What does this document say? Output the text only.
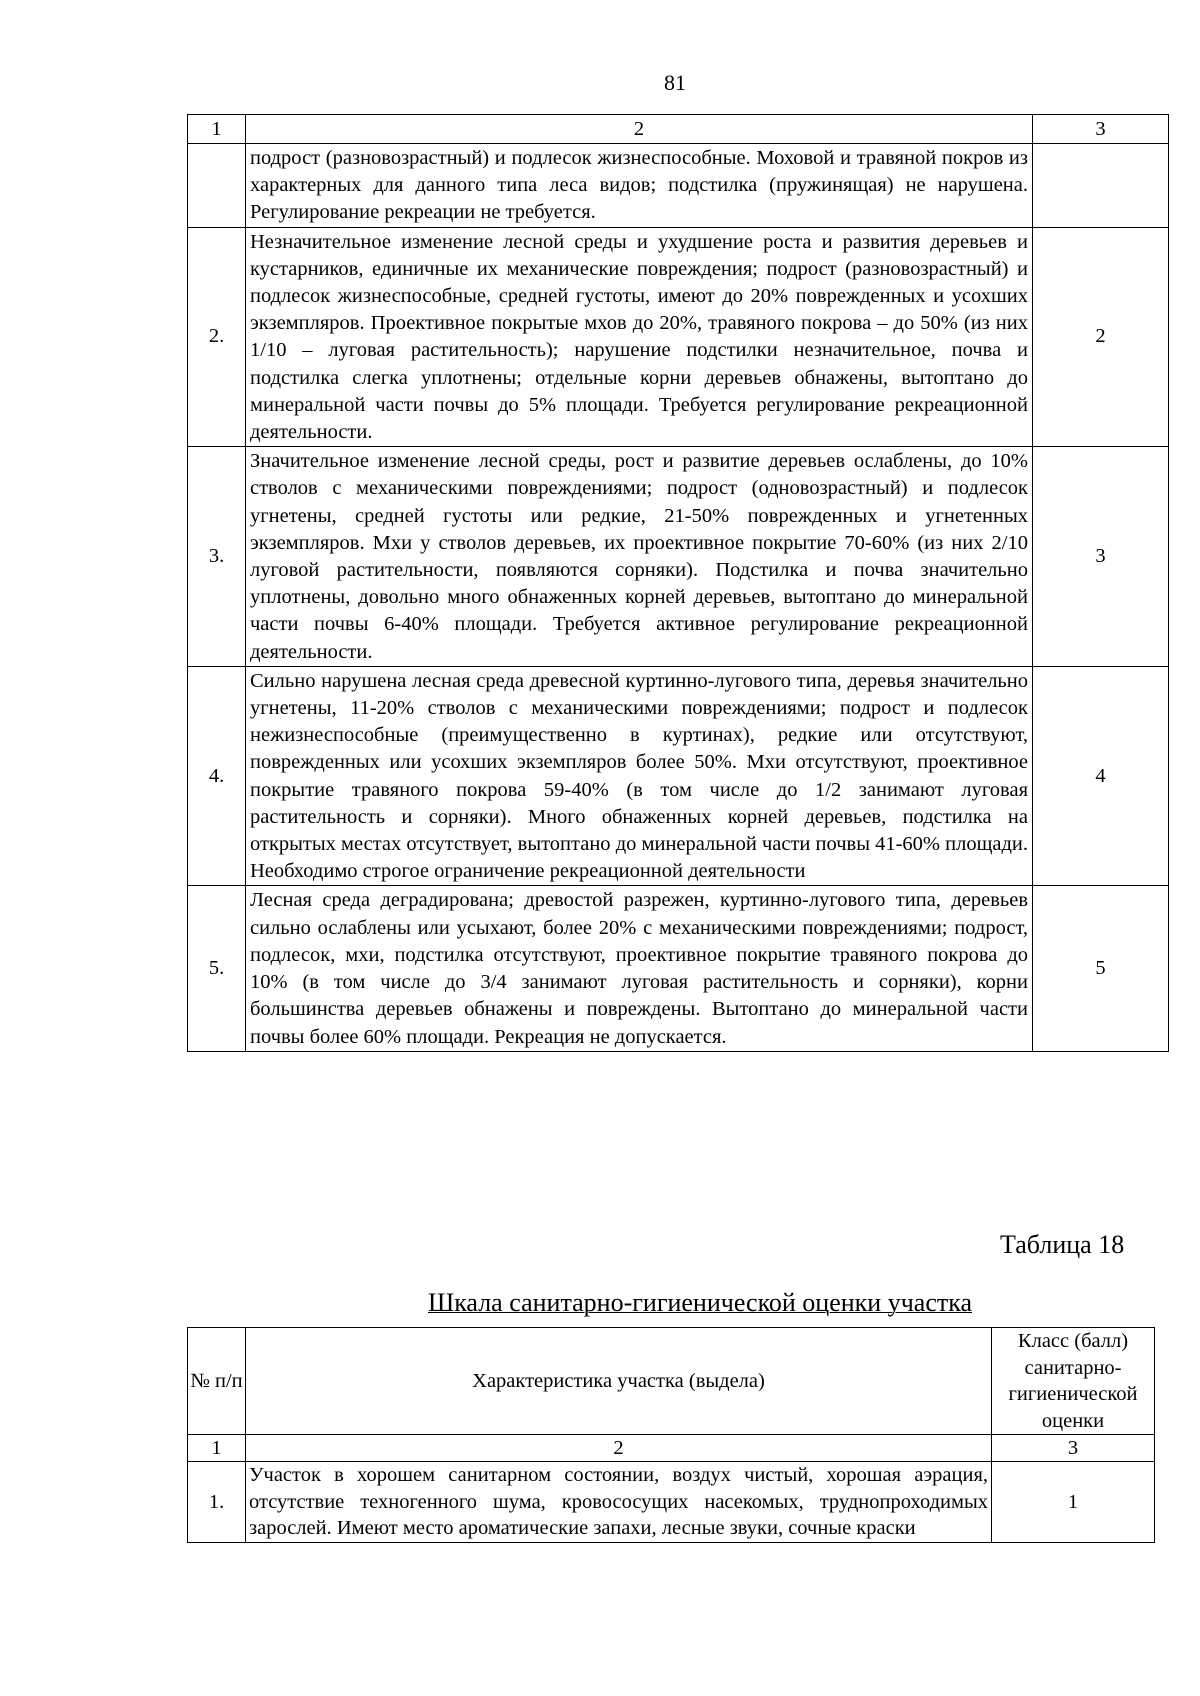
81
1	2	3
	подрост (разновозрастный) и подлесок жизнеспособные. Моховой и травяной покров из характерных для данного типа леса видов; подстилка (пружинящая) не нарушена. Регулирование рекреации не требуется.	
2.	Незначительное изменение лесной среды и ухудшение роста и развития деревьев и кустарников, единичные их механические повреждения; подрост (разновозрастный) и подлесок жизнеспособные, средней густоты, имеют до 20% поврежденных и усохших экземпляров. Проективное покрытые мхов до 20%, травяного покрова – до 50% (из них 1/10 – луговая растительность); нарушение подстилки незначительное, почва и подстилка слегка уплотнены; отдельные корни деревьев обнажены, вытоптано до минеральной части почвы до 5% площади. Требуется регулирование рекреационной деятельности.	2
3.	Значительное изменение лесной среды, рост и развитие деревьев ослаблены, до 10% стволов с механическими повреждениями; подрост (одновозрастный) и подлесок угнетены, средней густоты или редкие, 21-50% поврежденных и угнетенных экземпляров. Мхи у стволов деревьев, их проективное покрытие 70-60% (из них 2/10 луговой растительности, появляются сорняки). Подстилка и почва значительно уплотнены, довольно много обнаженных корней деревьев, вытоптано до минеральной части почвы 6-40% площади. Требуется активное регулирование рекреационной деятельности.	3
4.	Сильно нарушена лесная среда древесной куртинно-лугового типа, деревья значительно угнетены, 11-20% стволов с механическими повреждениями; подрост и подлесок нежизнеспособные (преимущественно в куртинах), редкие или отсутствуют, поврежденных или усохших экземпляров более 50%. Мхи отсутствуют, проективное покрытие травяного покрова 59-40% (в том числе до 1/2 занимают луговая растительность и сорняки). Много обнаженных корней деревьев, подстилка на открытых местах отсутствует, вытоптано до минеральной части почвы 41-60% площади. Необходимо строгое ограничение рекреационной деятельности	4
5.	Лесная среда деградирована; древостой разрежен, куртинно-лугового типа, деревьев сильно ослаблены или усыхают, более 20% с механическими повреждениями; подрост, подлесок, мхи, подстилка отсутствуют, проективное покрытие травяного покрова до 10% (в том числе до 3/4 занимают луговая растительность и сорняки), корни большинства деревьев обнажены и повреждены. Вытоптано до минеральной части почвы более 60% площади. Рекреация не допускается.	5
Таблица 18
Шкала санитарно-гигиенической оценки участка
№ п/п	Характеристика участка (выдела)	Класс (балл) санитарно-гигиенической оценки
1	2	3
1.	Участок в хорошем санитарном состоянии, воздух чистый, хорошая аэрация, отсутствие техногенного шума, кровососущих насекомых, труднопроходимых зарослей. Имеют место ароматические запахи, лесные звуки, сочные краски	1
